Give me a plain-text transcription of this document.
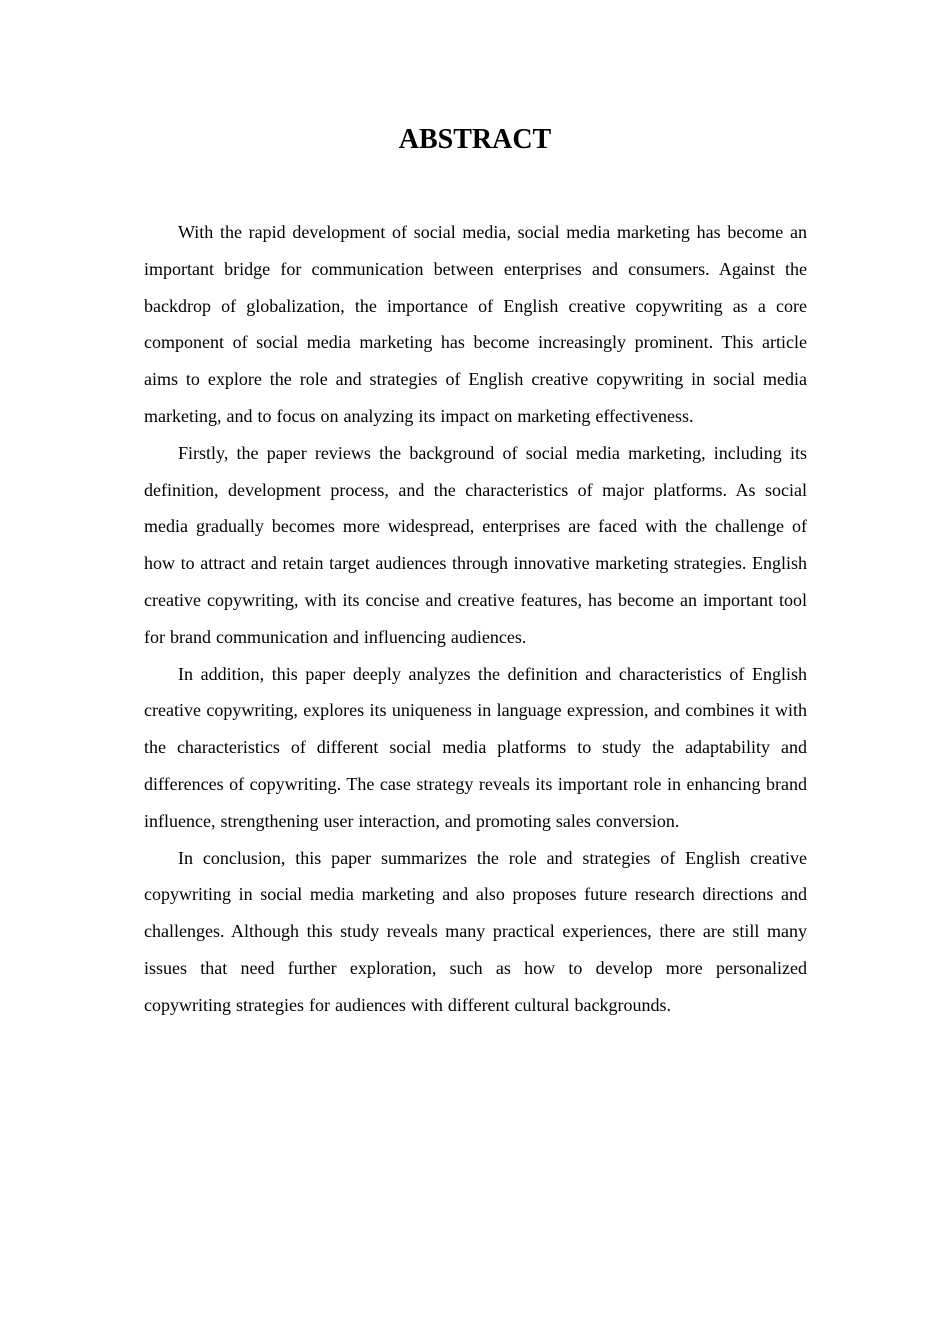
ABSTRACT

With the rapid development of social media, social media marketing has become an important bridge for communication between enterprises and consumers. Against the backdrop of globalization, the importance of English creative copywriting as a core component of social media marketing has become increasingly prominent. This article aims to explore the role and strategies of English creative copywriting in social media marketing, and to focus on analyzing its impact on marketing effectiveness.

Firstly, the paper reviews the background of social media marketing, including its definition, development process, and the characteristics of major platforms. As social media gradually becomes more widespread, enterprises are faced with the challenge of how to attract and retain target audiences through innovative marketing strategies. English creative copywriting, with its concise and creative features, has become an important tool for brand communication and influencing audiences.

In addition, this paper deeply analyzes the definition and characteristics of English creative copywriting, explores its uniqueness in language expression, and combines it with the characteristics of different social media platforms to study the adaptability and differences of copywriting. The case strategy reveals its important role in enhancing brand influence, strengthening user interaction, and promoting sales conversion.

In conclusion, this paper summarizes the role and strategies of English creative copywriting in social media marketing and also proposes future research directions and challenges. Although this study reveals many practical experiences, there are still many issues that need further exploration, such as how to develop more personalized copywriting strategies for audiences with different cultural backgrounds.
